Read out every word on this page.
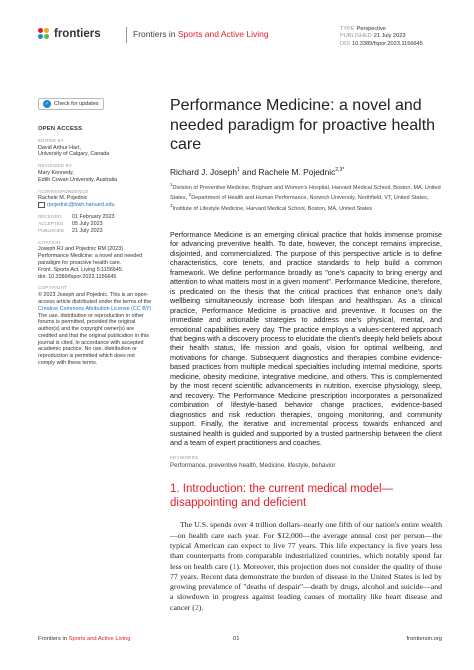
frontiers	Frontiers in Sports and Active Living	TYPE Perspective
PUBLISHED 21 July 2023
DOI 10.3389/fspor.2023.1156645
✓ Check for updates
OPEN ACCESS
EDITED BY
David Arthur Hart,
University of Calgary, Canada
REVIEWED BY
Mary Kennedy,
Edith Cowan University, Australia
*CORRESPONDENCE
Rachele M. Pojednic
rpojednic@bwh.harvard.edu
RECEIVED	01 February 2023
ACCEPTED	05 July 2023
PUBLISHED	21 July 2023
CITATION
Joseph RJ and Pojednic RM (2023)
Performance Medicine: a novel and needed
paradigm for proactive health care.
Front. Sports Act. Living 5:1156645.
doi: 10.3389/fspor.2023.1156645
COPYRIGHT
© 2023 Joseph and Pojednic. This is an open-
access article distributed under the terms of the
Creative Commons Attribution License (CC BY)
The use, distribution or reproduction in other
forums is permitted, provided the original
author(s) and the copyright owner(s) are
credited and that the original publication in this
journal is cited, in accordance with accepted
academic practice. No use, distribution or
reproduction is permitted which does not
comply with these terms.
Performance Medicine: a novel and needed paradigm for proactive health care
Richard J. Joseph$^1$ and Rachele M. Pojednic$^{2,3*}$
$^1$Division of Preventive Medicine, Brigham and Women's Hospital, Harvard Medical School, Boston, MA, United States, $^2$Department of Health and Human Performance, Norwich University, Northfield, VT, United States, $^3$Institute of Lifestyle Medicine, Harvard Medical School, Boston, MA, United States

Performance Medicine is an emerging clinical practice that holds immense promise for advancing preventive health. To date, however, the concept remains imprecise, disjointed, and commercialized. The purpose of this perspective article is to define characteristics, core tenets, and practice standards to help build a common framework. We define performance broadly as "one's capacity to bring energy and attention to what matters most in a given moment". Performance Medicine, therefore, is predicated on the thesis that the critical practices that enhance one's daily wellbeing simultaneously increase both lifespan and healthspan. As a clinical practice, Performance Medicine is proactive and preventive. It focuses on the immediate and actionable strategies to address one's physical, mental, and emotional capabilities every day. The practice employs a values-centered approach that begins with a discovery process to elucidate the client's deeply held beliefs about their health status, life mission and goals, vision for optimal wellbeing, and motivations for change. Subsequent diagnostics and therapies combine evidence-based practices from multiple medical specialties including internal medicine, sports medicine, obesity medicine, integrative medicine, and others. This is complemented by the most recent scientific advancements in nutrition, exercise physiology, sleep, and recovery. The Performance Medicine prescription incorporates a personalized combination of lifestyle-based behavior change practices, evidence-based diagnostics and risk reduction therapies, ongoing monitoring, and community support. Finally, the iterative and incremental process towards enhanced and sustained health is guided and supported by a trusted partnership between the client and a team of expert practitioners and coaches.

KEYWORDS
Performance, preventive health, Medicine, lifestyle, behavior
1. Introduction: the current medical model—disappointing and deficient

The U.S. spends over 4 trillion dollars–nearly one fifth of our nation's entire wealth—on health care each year. For $12,000—the average annual cost per person—the typical American can expect to live 77 years. This life expectancy is five years less than counterparts from comparable industrialized countries, which notably spend far less on health care (1). Moreover, this projection does not consider the quality of those 77 years. Recent data demonstrate the burden of disease in the United States is led by growing prevalence of "deaths of despair"—death by drugs, alcohol and suicide—and a slowdown in progress against leading causes of mortality like heart disease and cancer (2).

Frontiers in Sports and Active Living	01	frontiersin.org
